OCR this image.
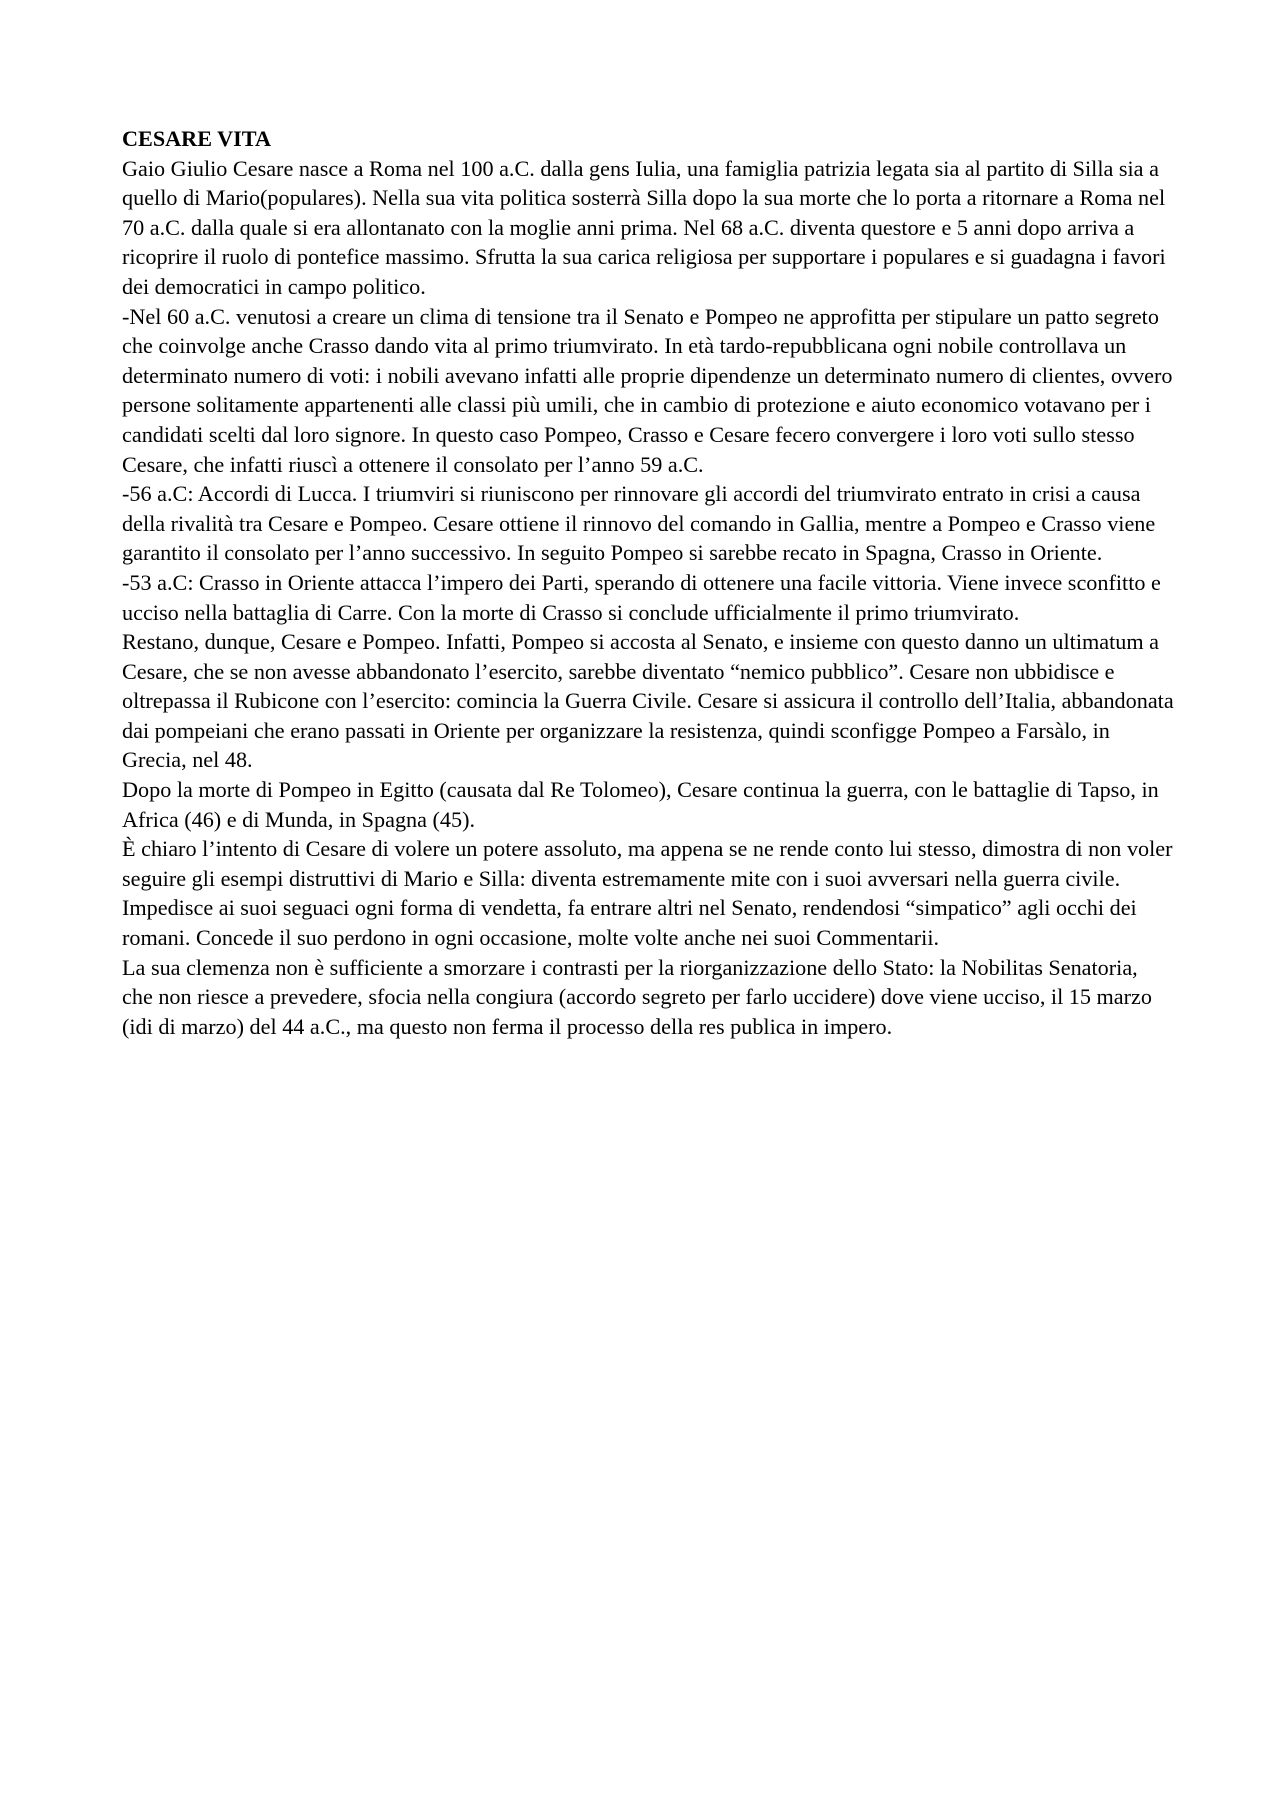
CESARE VITA

Gaio Giulio Cesare nasce a Roma nel 100 a.C. dalla gens Iulia, una famiglia patrizia legata sia al partito di Silla sia a quello di Mario(populares). Nella sua vita politica sosterrà Silla dopo la sua morte che lo porta a ritornare a Roma nel 70 a.C. dalla quale si era allontanato con la moglie anni prima. Nel 68 a.C. diventa questore e 5 anni dopo arriva a ricoprire il ruolo di pontefice massimo. Sfrutta la sua carica religiosa per supportare i populares e si guadagna i favori dei democratici in campo politico.

-Nel 60 a.C. venutosi a creare un clima di tensione tra il Senato e Pompeo ne approfitta per stipulare un patto segreto che coinvolge anche Crasso dando vita al primo triumvirato. In età tardo-repubblicana ogni nobile controllava un determinato numero di voti: i nobili avevano infatti alle proprie dipendenze un determinato numero di clientes, ovvero persone solitamente appartenenti alle classi più umili, che in cambio di protezione e aiuto economico votavano per i candidati scelti dal loro signore. In questo caso Pompeo, Crasso e Cesare fecero convergere i loro voti sullo stesso Cesare, che infatti riuscì a ottenere il consolato per l’anno 59 a.C.

-56 a.C: Accordi di Lucca. I triumviri si riuniscono per rinnovare gli accordi del triumvirato entrato in crisi a causa della rivalità tra Cesare e Pompeo. Cesare ottiene il rinnovo del comando in Gallia, mentre a Pompeo e Crasso viene garantito il consolato per l’anno successivo. In seguito Pompeo si sarebbe recato in Spagna, Crasso in Oriente.

-53 a.C: Crasso in Oriente attacca l’impero dei Parti, sperando di ottenere una facile vittoria. Viene invece sconfitto e ucciso nella battaglia di Carre. Con la morte di Crasso si conclude ufficialmente il primo triumvirato.

Restano, dunque, Cesare e Pompeo. Infatti, Pompeo si accosta al Senato, e insieme con questo danno un ultimatum a Cesare, che se non avesse abbandonato l’esercito, sarebbe diventato “nemico pubblico”. Cesare non ubbidisce e oltrepassa il Rubicone con l’esercito: comincia la Guerra Civile. Cesare si assicura il controllo dell’Italia, abbandonata dai pompeiani che erano passati in Oriente per organizzare la resistenza, quindi sconfigge Pompeo a Farsàlo, in Grecia, nel 48.

Dopo la morte di Pompeo in Egitto (causata dal Re Tolomeo), Cesare continua la guerra, con le battaglie di Tapso, in Africa (46) e di Munda, in Spagna (45).

È chiaro l’intento di Cesare di volere un potere assoluto, ma appena se ne rende conto lui stesso, dimostra di non voler seguire gli esempi distruttivi di Mario e Silla: diventa estremamente mite con i suoi avversari nella guerra civile. Impedisce ai suoi seguaci ogni forma di vendetta, fa entrare altri nel Senato, rendendosi “simpatico” agli occhi dei romani. Concede il suo perdono in ogni occasione, molte volte anche nei suoi Commentarii.

La sua clemenza non è sufficiente a smorzare i contrasti per la riorganizzazione dello Stato: la Nobilitas Senatoria, che non riesce a prevedere, sfocia nella congiura (accordo segreto per farlo uccidere) dove viene ucciso, il 15 marzo (idi di marzo) del 44 a.C., ma questo non ferma il processo della res publica in impero.
